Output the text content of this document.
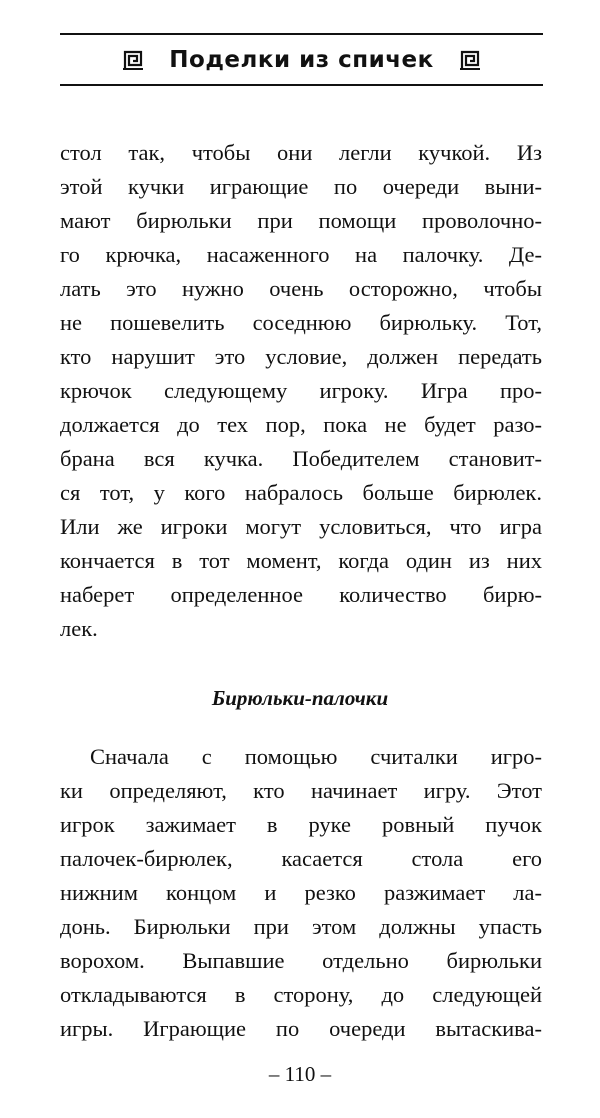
Поделки из спичек
стол так, чтобы они легли кучкой. Из
этой кучки играющие по очереди выни-
мают бирюльки при помощи проволочно-
го крючка, насаженного на палочку. Де-
лать это нужно очень осторожно, чтобы
не пошевелить соседнюю бирюльку. Тот,
кто нарушит это условие, должен передать
крючок следующему игроку. Игра про-
должается до тех пор, пока не будет разо-
брана вся кучка. Победителем становит-
ся тот, у кого набралось больше бирюлек.
Или же игроки могут условиться, что игра
кончается в тот момент, когда один из них
наберет определенное количество бирю-
лек.
Бирюльки-палочки
Сначала с помощью считалки игро-
ки определяют, кто начинает игру. Этот
игрок зажимает в руке ровный пучок
палочек-бирюлек, касается стола его
нижним концом и резко разжимает ла-
донь. Бирюльки при этом должны упасть
ворохом. Выпавшие отдельно бирюльки
откладываются в сторону, до следующей
игры. Играющие по очереди вытаскива-
– 110 –
